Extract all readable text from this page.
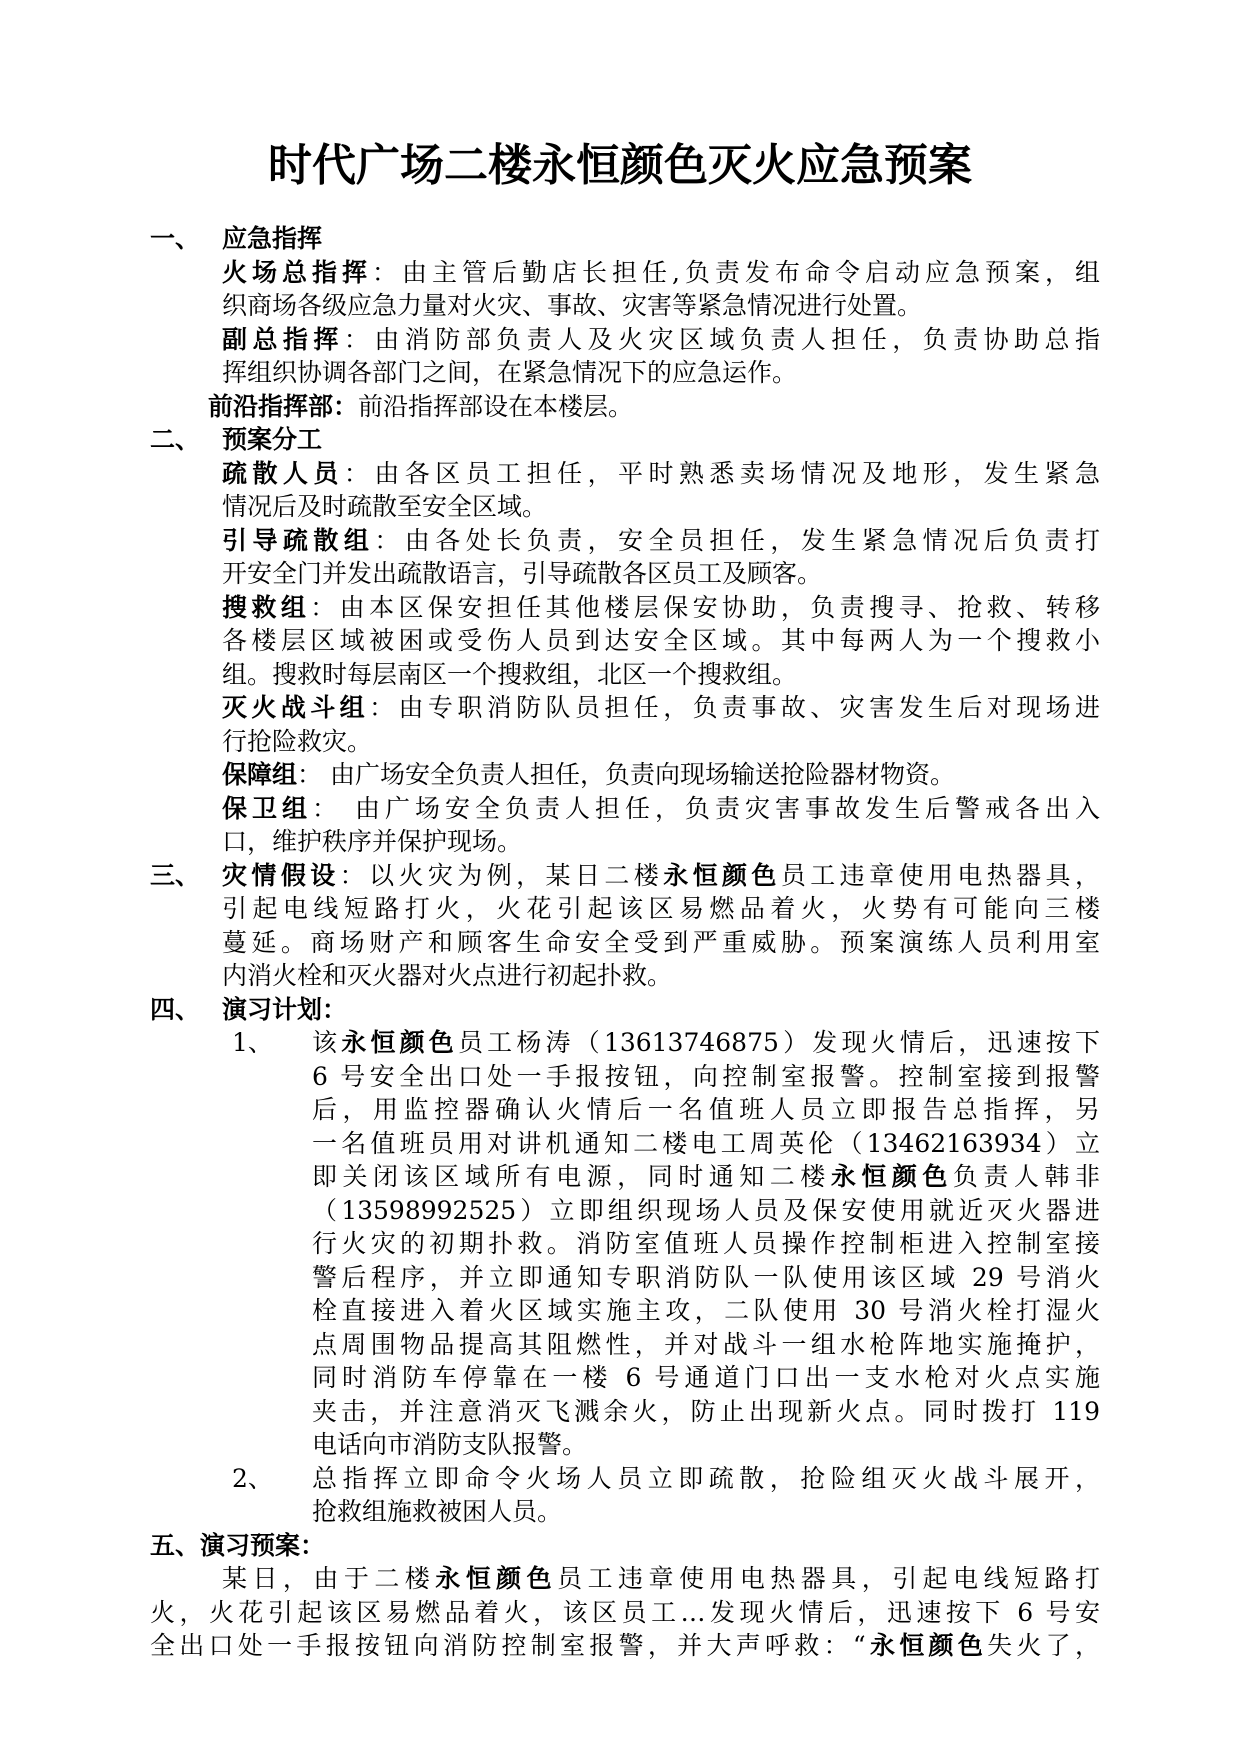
时代广场二楼永恒颜色灭火应急预案
一、 应急指挥
火场总指挥：由主管后勤店长担任,负责发布命令启动应急预案，组
织商场各级应急力量对火灾、事故、灾害等紧急情况进行处置。
副总指挥：由消防部负责人及火灾区域负责人担任，负责协助总指
挥组织协调各部门之间，在紧急情况下的应急运作。
前沿指挥部：前沿指挥部设在本楼层。
二、 预案分工
疏散人员：由各区员工担任，平时熟悉卖场情况及地形，发生紧急
情况后及时疏散至安全区域。
引导疏散组：由各处长负责，安全员担任，发生紧急情况后负责打
开安全门并发出疏散语言，引导疏散各区员工及顾客。
搜救组：由本区保安担任其他楼层保安协助，负责搜寻、抢救、转移
各楼层区域被困或受伤人员到达安全区域。其中每两人为一个搜救小
组。搜救时每层南区一个搜救组，北区一个搜救组。
灭火战斗组：由专职消防队员担任，负责事故、灾害发生后对现场进
行抢险救灾。
保障组： 由广场安全负责人担任，负责向现场输送抢险器材物资。
保卫组： 由广场安全负责人担任，负责灾害事故发生后警戒各出入
口，维护秩序并保护现场。
三、 灾情假设：以火灾为例，某日二楼永恒颜色员工违章使用电热器具，
引起电线短路打火，火花引起该区易燃品着火，火势有可能向三楼
蔓延。商场财产和顾客生命安全受到严重威胁。预案演练人员利用室
内消火栓和灭火器对火点进行初起扑救。
四、 演习计划：
1、 该永恒颜色员工杨涛（13613746875）发现火情后，迅速按下
6 号安全出口处一手报按钮，向控制室报警。控制室接到报警
后，用监控器确认火情后一名值班人员立即报告总指挥，另
一名值班员用对讲机通知二楼电工周英伦（13462163934）立
即关闭该区域所有电源，同时通知二楼永恒颜色负责人韩非
（13598992525）立即组织现场人员及保安使用就近灭火器进
行火灾的初期扑救。消防室值班人员操作控制柜进入控制室接
警后程序，并立即通知专职消防队一队使用该区域 29 号消火
栓直接进入着火区域实施主攻，二队使用 30 号消火栓打湿火
点周围物品提高其阻燃性，并对战斗一组水枪阵地实施掩护，
同时消防车停靠在一楼 6 号通道门口出一支水枪对火点实施
夹击，并注意消灭飞溅余火，防止出现新火点。同时拨打 119
电话向市消防支队报警。
2、 总指挥立即命令火场人员立即疏散，抢险组灭火战斗展开，
抢救组施救被困人员。
五、演习预案：
某日，由于二楼永恒颜色员工违章使用电热器具，引起电线短路打
火，火花引起该区易燃品着火，该区员工…发现火情后，迅速按下 6 号安
全出口处一手报按钮向消防控制室报警，并大声呼救：“永恒颜色失火了，
